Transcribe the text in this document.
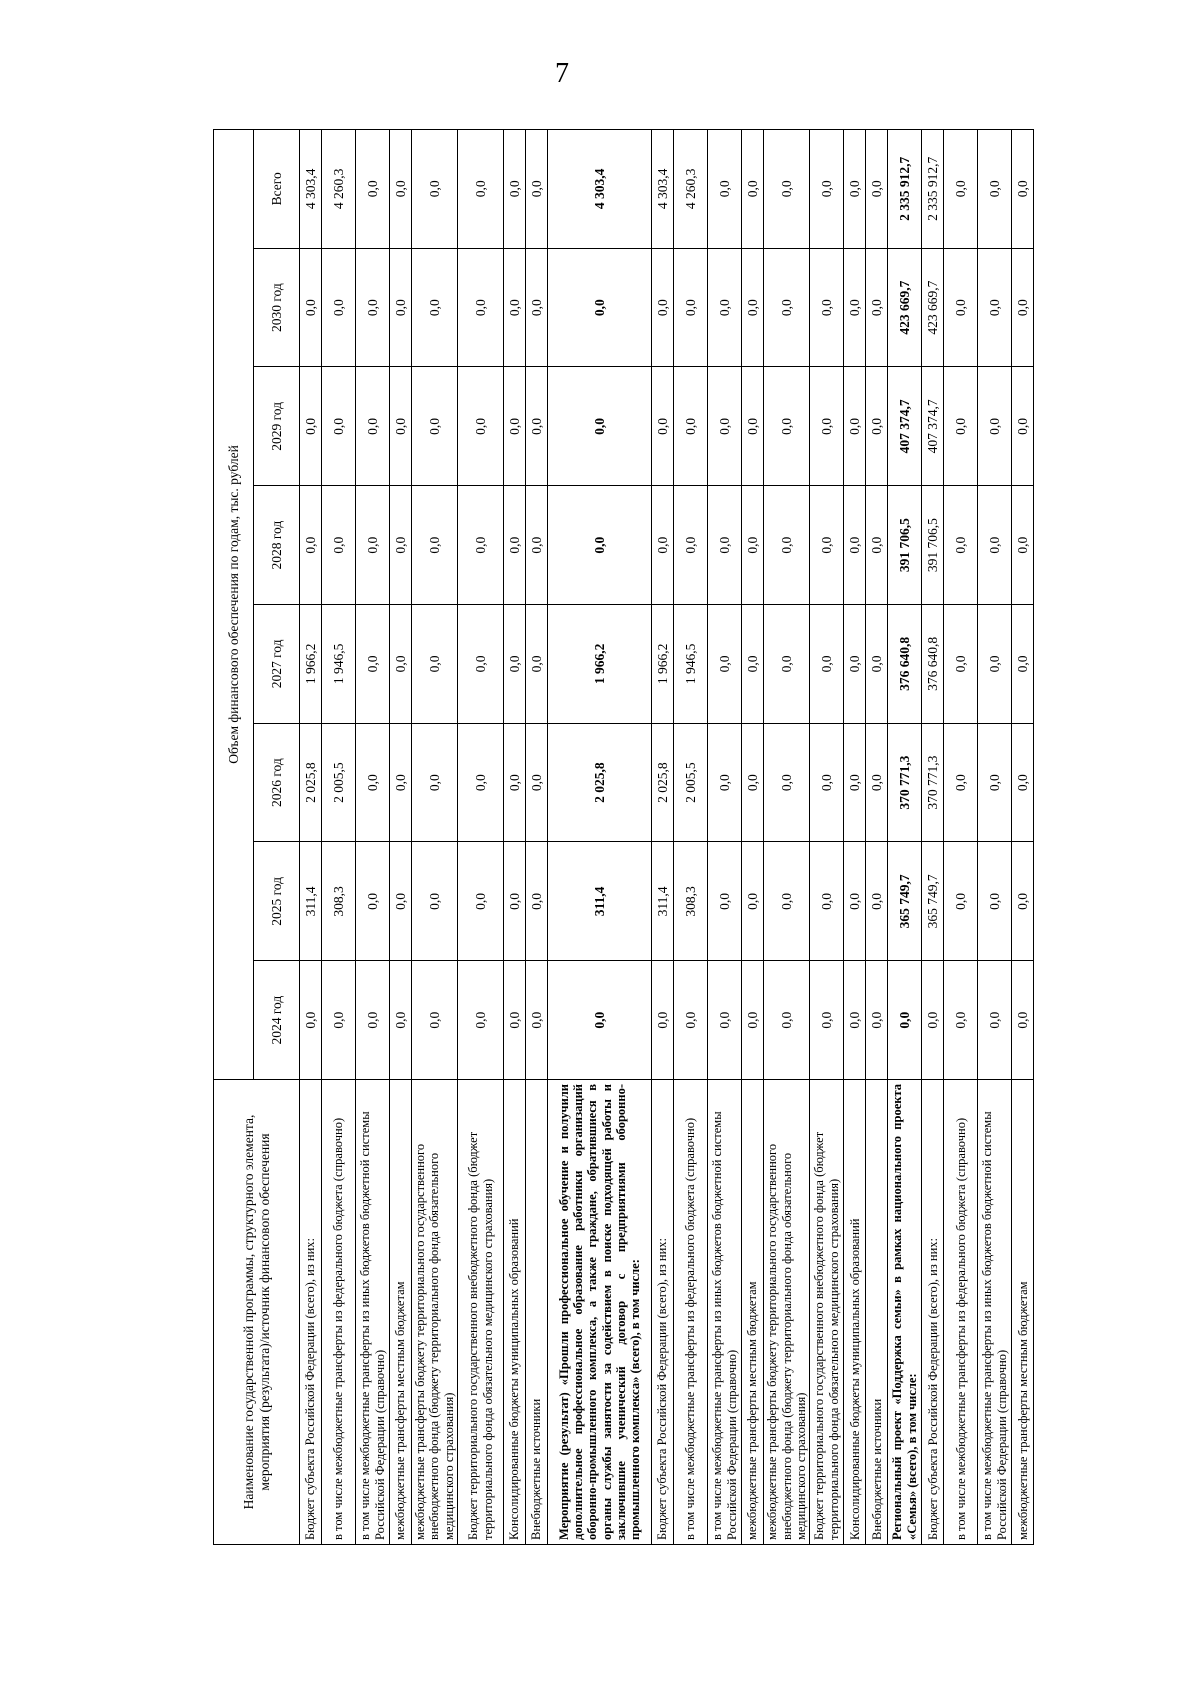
7
Наименование государственной программы, структурного элемента, мероприятия (результата)/источник финансового обеспечения	Объем финансового обеспечения по годам, тыс. рублей							
	2024 год	2025 год	2026 год	2027 год	2028 год	2029 год	2030 год	Всего
Бюджет субъекта Российской Федерации (всего), из них:	0,0	311,4	2 025,8	1 966,2	0,0	0,0	0,0	4 303,4
в том числе межбюджетные трансферты из федерального бюджета (справочно)	0,0	308,3	2 005,5	1 946,5	0,0	0,0	0,0	4 260,3
в том числе межбюджетные трансферты из иных бюджетов бюджетной системы Российской Федерации (справочно)	0,0	0,0	0,0	0,0	0,0	0,0	0,0	0,0
межбюджетные трансферты местным бюджетам	0,0	0,0	0,0	0,0	0,0	0,0	0,0	0,0
межбюджетные трансферты бюджету территориального государственного внебюджетного фонда (бюджету территориального фонда обязательного медицинского страхования)	0,0	0,0	0,0	0,0	0,0	0,0	0,0	0,0
Бюджет территориального государственного внебюджетного фонда (бюджет территориального фонда обязательного медицинского страхования)	0,0	0,0	0,0	0,0	0,0	0,0	0,0	0,0
Консолидированные бюджеты муниципальных образований	0,0	0,0	0,0	0,0	0,0	0,0	0,0	0,0
Внебюджетные источники	0,0	0,0	0,0	0,0	0,0	0,0	0,0	0,0
Мероприятие (результат) «Прошли профессиональное обучение и получили дополнительное профессиональное образование работники организаций оборонно-промышленного комплекса, а также граждане, обратившиеся в органы службы занятости за содействием в поиске подходящей работы и заключившие ученический договор с предприятиями оборонно-промышленного комплекса» (всего), в том числе:	0,0	311,4	2 025,8	1 966,2	0,0	0,0	0,0	4 303,4
Бюджет субъекта Российской Федерации (всего), из них:	0,0	311,4	2 025,8	1 966,2	0,0	0,0	0,0	4 303,4
в том числе межбюджетные трансферты из федерального бюджета (справочно)	0,0	308,3	2 005,5	1 946,5	0,0	0,0	0,0	4 260,3
в том числе межбюджетные трансферты из иных бюджетов бюджетной системы Российской Федерации (справочно)	0,0	0,0	0,0	0,0	0,0	0,0	0,0	0,0
межбюджетные трансферты местным бюджетам	0,0	0,0	0,0	0,0	0,0	0,0	0,0	0,0
межбюджетные трансферты бюджету территориального государственного внебюджетного фонда (бюджету территориального фонда обязательного медицинского страхования)	0,0	0,0	0,0	0,0	0,0	0,0	0,0	0,0
Бюджет территориального государственного внебюджетного фонда (бюджет территориального фонда обязательного медицинского страхования)	0,0	0,0	0,0	0,0	0,0	0,0	0,0	0,0
Консолидированные бюджеты муниципальных образований	0,0	0,0	0,0	0,0	0,0	0,0	0,0	0,0
Внебюджетные источники	0,0	0,0	0,0	0,0	0,0	0,0	0,0	0,0
Региональный проект «Поддержка семьи» в рамках национального проекта «Семья» (всего), в том числе:	0,0	365 749,7	370 771,3	376 640,8	391 706,5	407 374,7	423 669,7	2 335 912,7
Бюджет субъекта Российской Федерации (всего), из них:	0,0	365 749,7	370 771,3	376 640,8	391 706,5	407 374,7	423 669,7	2 335 912,7
в том числе межбюджетные трансферты из федерального бюджета (справочно)	0,0	0,0	0,0	0,0	0,0	0,0	0,0	0,0
в том числе межбюджетные трансферты из иных бюджетов бюджетной системы Российской Федерации (справочно)	0,0	0,0	0,0	0,0	0,0	0,0	0,0	0,0
межбюджетные трансферты местным бюджетам	0,0	0,0	0,0	0,0	0,0	0,0	0,0	0,0
